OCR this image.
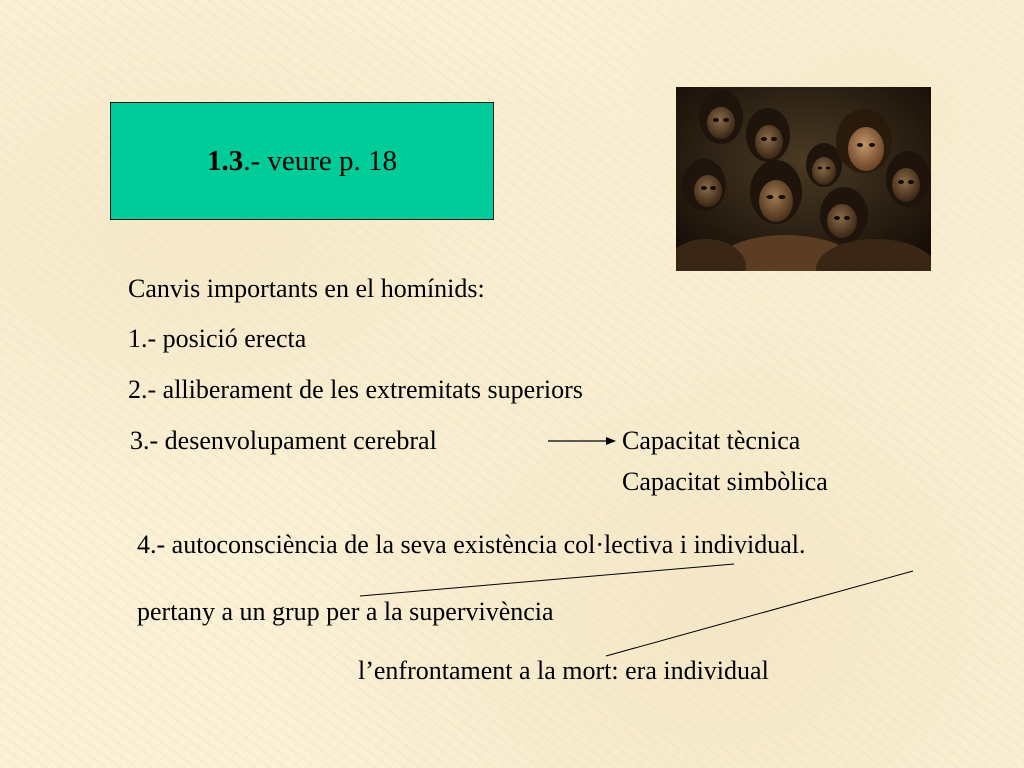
1.3.- veure p. 18
Canvis importants en el homínids:
1.- posició erecta
2.- alliberament de les extremitats superiors
3.- desenvolupament cerebral	Capacitat tècnica
Capacitat simbòlica
4.- autoconsciència de la seva existència col·lectiva i individual.
pertany a un grup per a la supervivència
l’enfrontament a la mort: era individual
